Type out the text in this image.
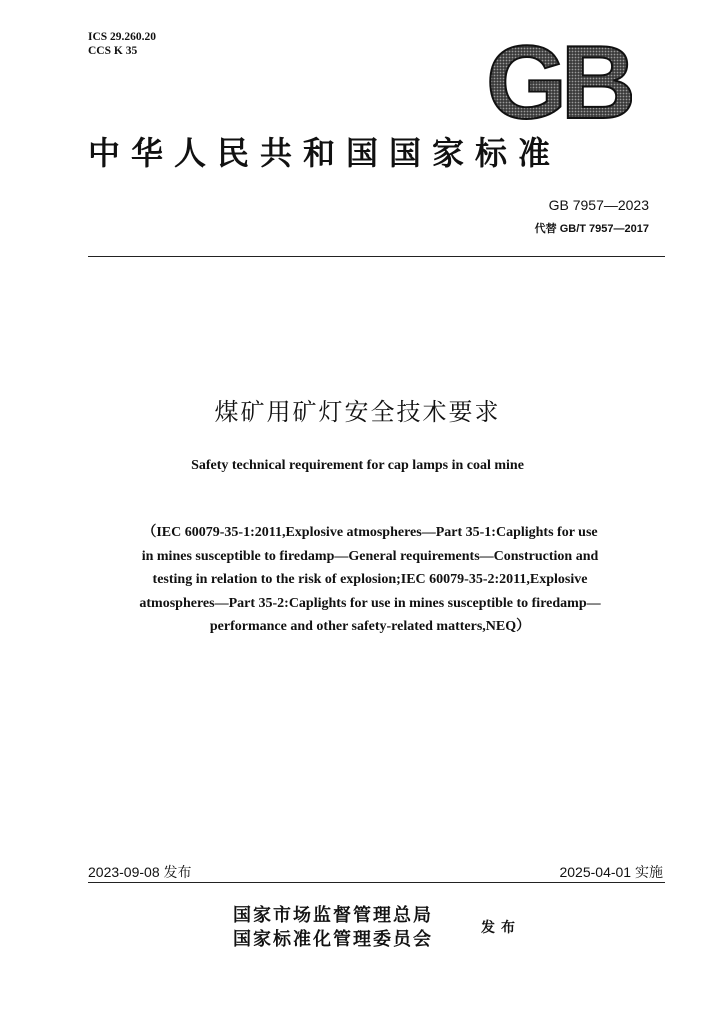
ICS 29.260.20
CCS K 35	GB
中华人民共和国国家标准
GB 7957—2023
代替 GB/T 7957—2017
煤矿用矿灯安全技术要求
Safety technical requirement for cap lamps in coal mine
（IEC 60079-35-1:2011,Explosive atmospheres—Part 35-1:Caplights for use
in mines susceptible to firedamp—General requirements—Construction and
testing in relation to the risk of explosion;IEC 60079-35-2:2011,Explosive
atmospheres—Part 35-2:Caplights for use in mines susceptible to firedamp—
performance and other safety-related matters,NEQ）
2023-09-08 发布	2025-04-01 实施
国家市场监督管理总局
国家标准化管理委员会
发布
